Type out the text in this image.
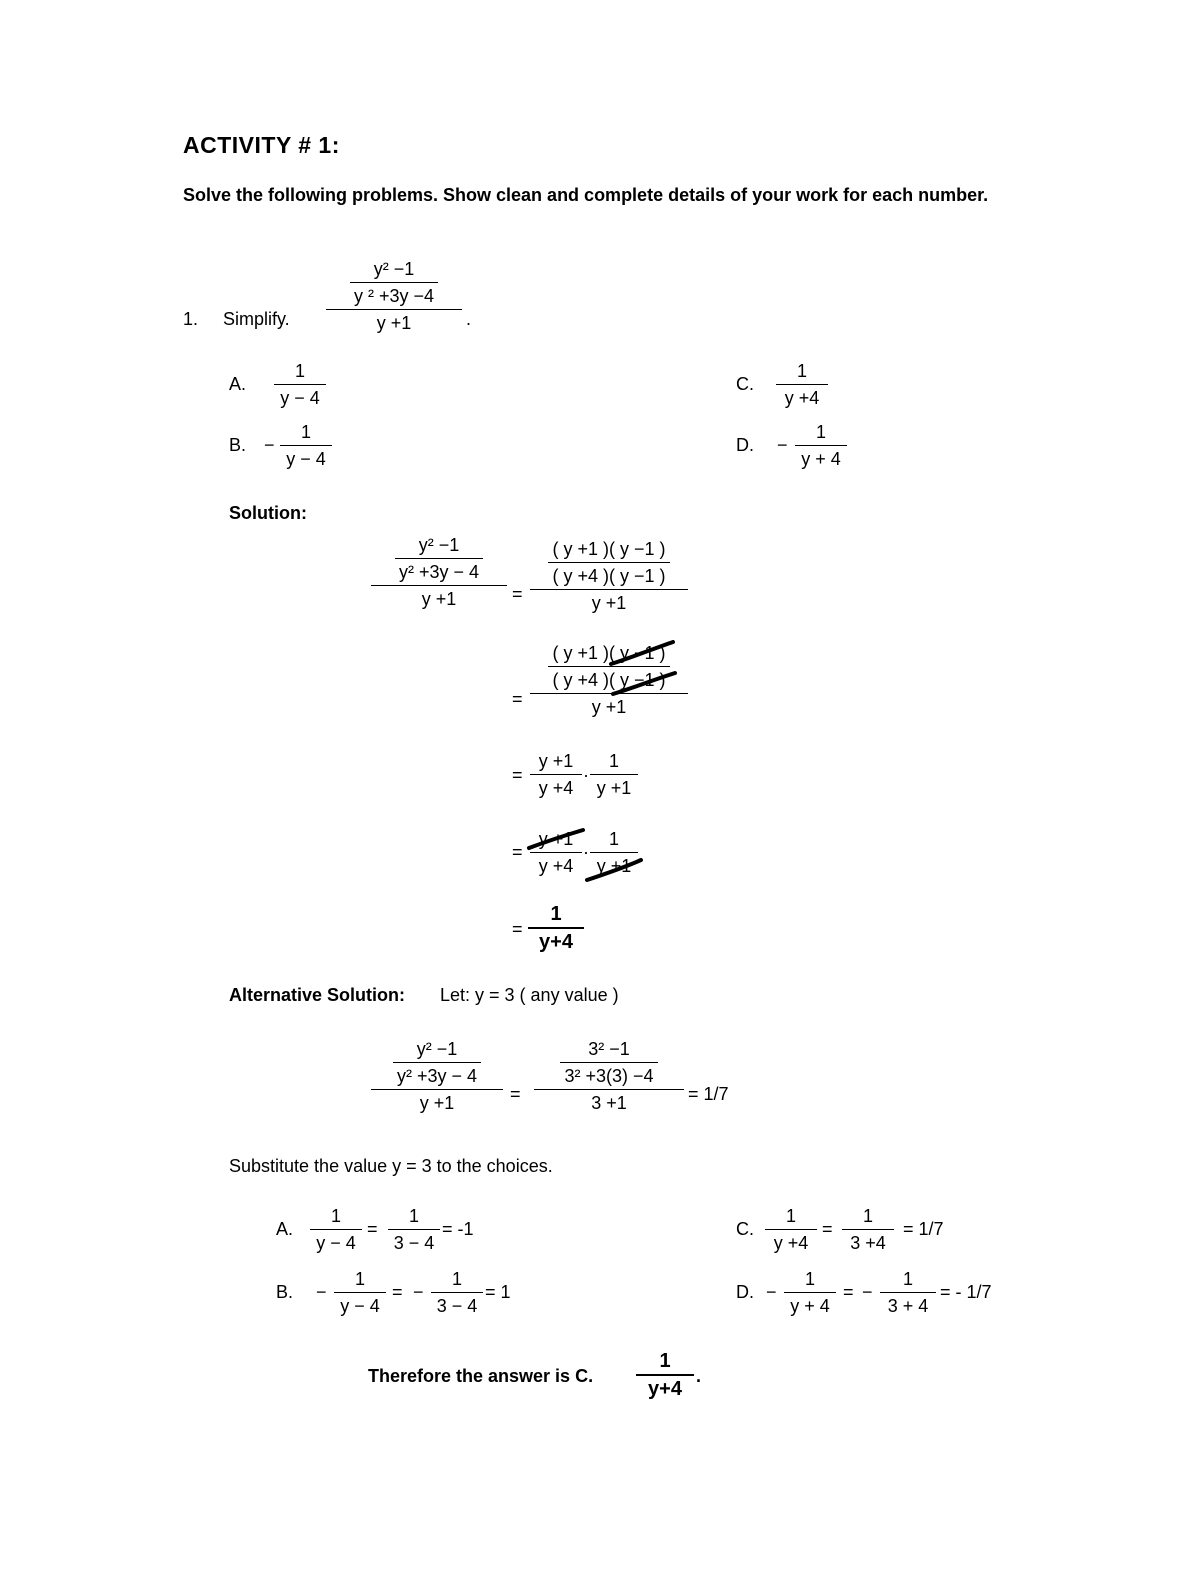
ACTIVITY # 1:
Solve the following problems. Show clean and complete details of your work for each number.
1. Simplify.
$\frac{\text{y² −1}}{\text{y ² +3y −4}}$
y +1	.
A.
1
y − 4
B. −
1
y − 4
C.
1
y +4
D. −
1
y + 4
Solution:
$\frac{\text{y² −1}}{\text{y² +3y − 4}}$
y +1	=
$\frac{( y +1 )( y -1 )}{( y +4 )( y -1 )}$
y +1
=
$\frac{( y +1 )( y -1 )}{( y +4 )( y -1 )}$
y +1
=
y +1
y +4
·
1
y +1
=
y +1
y +4
·
1
y +1
=
1
y+4
Alternative Solution: Let: y = 3 ( any value )
$\frac{\text{y² −1}}{\text{y² +3y − 4}}$
y +1	=
$\frac{\text{3² −1}}{\text{3² +3(3) −4}}$
3 +1	= 1/7
Substitute the value y = 3 to the choices.
A.
1
y − 4
=
1
3 − 4
= -1
B. −
1
y − 4
= −
1
3 − 4
= 1
C.
1
y +4
=
1
3 +4
= 1/7
D. −
1
y + 4
= −
1
3 + 4
= - 1/7
Therefore the answer is C.
1
y+4
.
